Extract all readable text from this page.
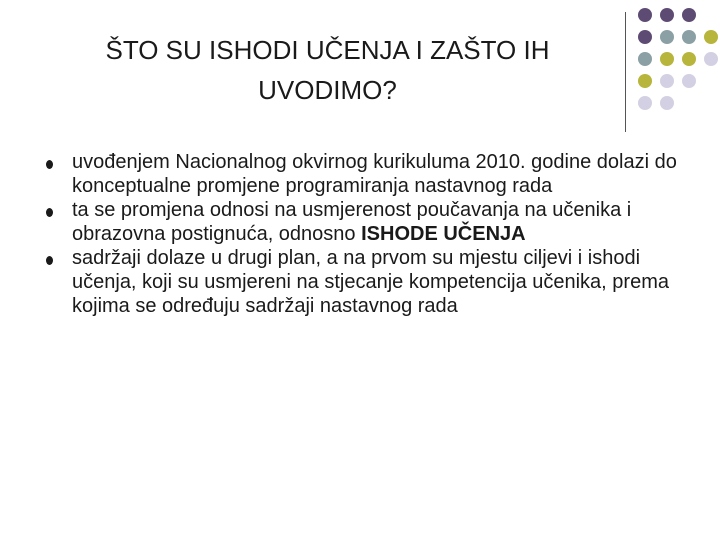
ŠTO SU ISHODI UČENJA I ZAŠTO IH
UVODIMO?
uvođenjem Nacionalnog okvirnog kurikuluma 2010. godine dolazi do konceptualne promjene programiranja nastavnog rada
ta se promjena odnosi na usmjerenost poučavanja na učenika i obrazovna postignuća, odnosno ISHODE UČENJA
sadržaji dolaze u drugi plan, a na prvom su mjestu ciljevi i ishodi učenja, koji su usmjereni na stjecanje kompetencija učenika, prema kojima se određuju sadržaji nastavnog rada
